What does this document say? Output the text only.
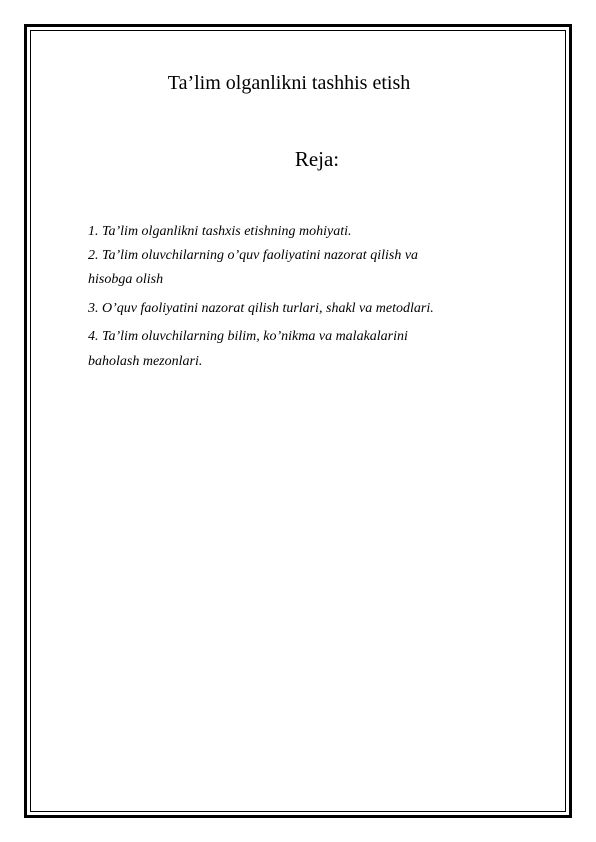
Ta’lim olganlikni tashhis etish
Reja:
1. Ta’lim olganlikni tashxis etishning mohiyati.
2. Ta’lim oluvchilarning o’quv faoliyatini nazorat qilish va
hisobga olish
3. O’quv faoliyatini nazorat qilish turlari, shakl va metodlari.
4. Ta’lim oluvchilarning bilim, ko’nikma va malakalarini
baholash mezonlari.
